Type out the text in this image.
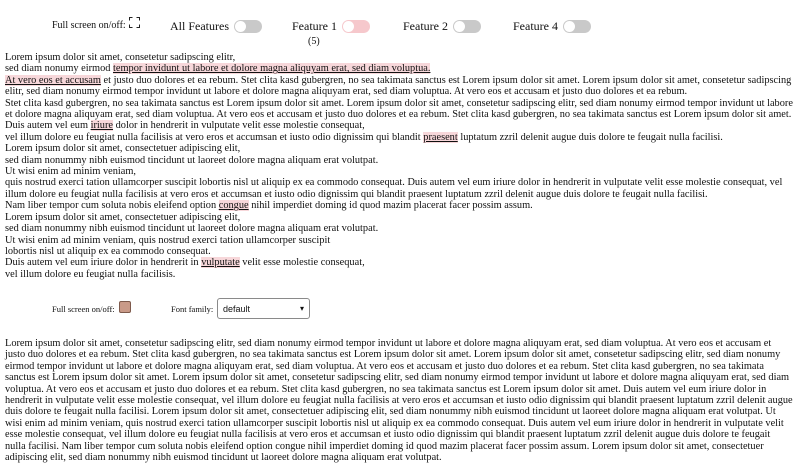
Full screen on/off:	All Features	Feature 1	Feature 2	Feature 4
(5)

Lorem ipsum dolor sit amet, consetetur sadipscing elitr,

sed diam nonumy eirmod tempor invidunt ut labore et dolore magna aliquyam erat, sed diam voluptua.

At vero eos et accusam et justo duo dolores et ea rebum. Stet clita kasd gubergren, no sea takimata sanctus est Lorem ipsum dolor sit amet. Lorem ipsum dolor sit amet, consetetur sadipscing elitr, sed diam nonumy eirmod tempor invidunt ut labore et dolore magna aliquyam erat, sed diam voluptua. At vero eos et accusam et justo duo dolores et ea rebum.

Stet clita kasd gubergren, no sea takimata sanctus est Lorem ipsum dolor sit amet. Lorem ipsum dolor sit amet, consetetur sadipscing elitr, sed diam nonumy eirmod tempor invidunt ut labore et dolore magna aliquyam erat, sed diam voluptua. At vero eos et accusam et justo duo dolores et ea rebum. Stet clita kasd gubergren, no sea takimata sanctus est Lorem ipsum dolor sit amet. Duis autem vel eum iriure dolor in hendrerit in vulputate velit esse molestie consequat,

vel illum dolore eu feugiat nulla facilisis at vero eros et accumsan et iusto odio dignissim qui blandit praesent luptatum zzril delenit augue duis dolore te feugait nulla facilisi.

Lorem ipsum dolor sit amet, consectetuer adipiscing elit,

sed diam nonummy nibh euismod tincidunt ut laoreet dolore magna aliquam erat volutpat.

Ut wisi enim ad minim veniam,

quis nostrud exerci tation ullamcorper suscipit lobortis nisl ut aliquip ex ea commodo consequat. Duis autem vel eum iriure dolor in hendrerit in vulputate velit esse molestie consequat, vel illum dolore eu feugiat nulla facilisis at vero eros et accumsan et iusto odio dignissim qui blandit praesent luptatum zzril delenit augue duis dolore te feugait nulla facilisi.

Nam liber tempor cum soluta nobis eleifend option congue nihil imperdiet doming id quod mazim placerat facer possim assum.

Lorem ipsum dolor sit amet, consectetuer adipiscing elit,

sed diam nonummy nibh euismod tincidunt ut laoreet dolore magna aliquam erat volutpat.

Ut wisi enim ad minim veniam, quis nostrud exerci tation ullamcorper suscipit

lobortis nisl ut aliquip ex ea commodo consequat.

Duis autem vel eum iriure dolor in hendrerit in vulputate velit esse molestie consequat,

vel illum dolore eu feugiat nulla facilisis.

Full screen on/off:	Font family: default	▾
Lorem ipsum dolor sit amet, consetetur sadipscing elitr, sed diam nonumy eirmod tempor invidunt ut labore et dolore magna aliquyam erat, sed diam voluptua. At vero eos et accusam et justo duo dolores et ea rebum. Stet clita kasd gubergren, no sea takimata sanctus est Lorem ipsum dolor sit amet. Lorem ipsum dolor sit amet, consetetur sadipscing elitr, sed diam nonumy eirmod tempor invidunt ut labore et dolore magna aliquyam erat, sed diam voluptua. At vero eos et accusam et justo duo dolores et ea rebum. Stet clita kasd gubergren, no sea takimata sanctus est Lorem ipsum dolor sit amet. Lorem ipsum dolor sit amet, consetetur sadipscing elitr, sed diam nonumy eirmod tempor invidunt ut labore et dolore magna aliquyam erat, sed diam voluptua. At vero eos et accusam et justo duo dolores et ea rebum. Stet clita kasd gubergren, no sea takimata sanctus est Lorem ipsum dolor sit amet. Duis autem vel eum iriure dolor in hendrerit in vulputate velit esse molestie consequat, vel illum dolore eu feugiat nulla facilisis at vero eros et accumsan et iusto odio dignissim qui blandit praesent luptatum zzril delenit augue duis dolore te feugait nulla facilisi. Lorem ipsum dolor sit amet, consectetuer adipiscing elit, sed diam nonummy nibh euismod tincidunt ut laoreet dolore magna aliquam erat volutpat. Ut wisi enim ad minim veniam, quis nostrud exerci tation ullamcorper suscipit lobortis nisl ut aliquip ex ea commodo consequat. Duis autem vel eum iriure dolor in hendrerit in vulputate velit esse molestie consequat, vel illum dolore eu feugiat nulla facilisis at vero eros et accumsan et iusto odio dignissim qui blandit praesent luptatum zzril delenit augue duis dolore te feugait nulla facilisi. Nam liber tempor cum soluta nobis eleifend option congue nihil imperdiet doming id quod mazim placerat facer possim assum. Lorem ipsum dolor sit amet, consectetuer adipiscing elit, sed diam nonummy nibh euismod tincidunt ut laoreet dolore magna aliquam erat volutpat.
